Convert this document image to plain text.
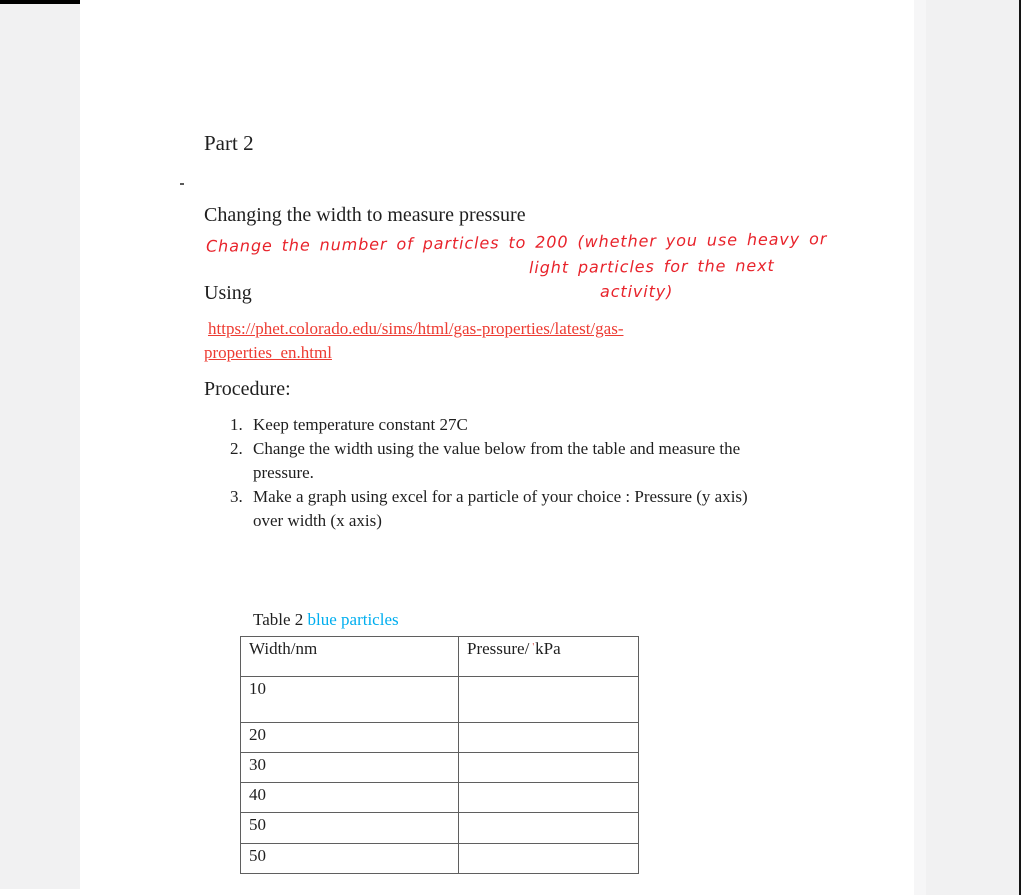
Part 2
Changing the width to measure pressure
Change the number of particles to 200 (whether you use heavy or
light particles for the next
activity)
Using
https://phet.colorado.edu/sims/html/gas-properties/latest/gas-
properties_en.html
Procedure:
1. Keep temperature constant 27C
2. Change the width using the value below from the table and measure the
pressure.
3. Make a graph using excel for a particle of your choice : Pressure (y axis)
over width (x axis)
Table 2 blue particles
Width/nm	Pressure/ 'kPa
10	
20	
30	
40	
50	
50	
